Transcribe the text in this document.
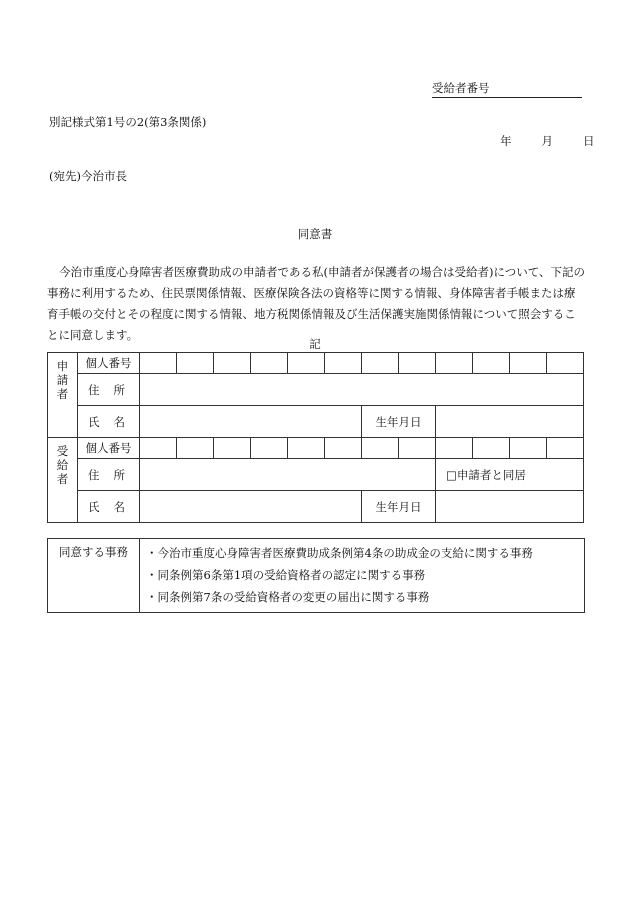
受給者番号
別記様式第1号の2(第3条関係)
年	月	日
(宛先)今治市長
同意書
今治市重度心身障害者医療費助成の申請者である私(申請者が保護者の場合は受給者)について、下記の事務に利用するため、住民票関係情報、医療保険各法の資格等に関する情報、身体障害者手帳または療育手帳の交付とその程度に関する情報、地方税関係情報及び生活保護実施関係情報について照会することに同意します。
記
申
請
者	個人番号												
	住所												
	氏名							生年月日					

受
給
者	個人番号												
	住所									□申請者と同居			
	氏名							生年月日					
同意する事務	・今治市重度心身障害者医療費助成条例第4条の助成金の支給に関する事務
・同条例第6条第1項の受給資格者の認定に関する事務
・同条例第7条の受給資格者の変更の届出に関する事務
